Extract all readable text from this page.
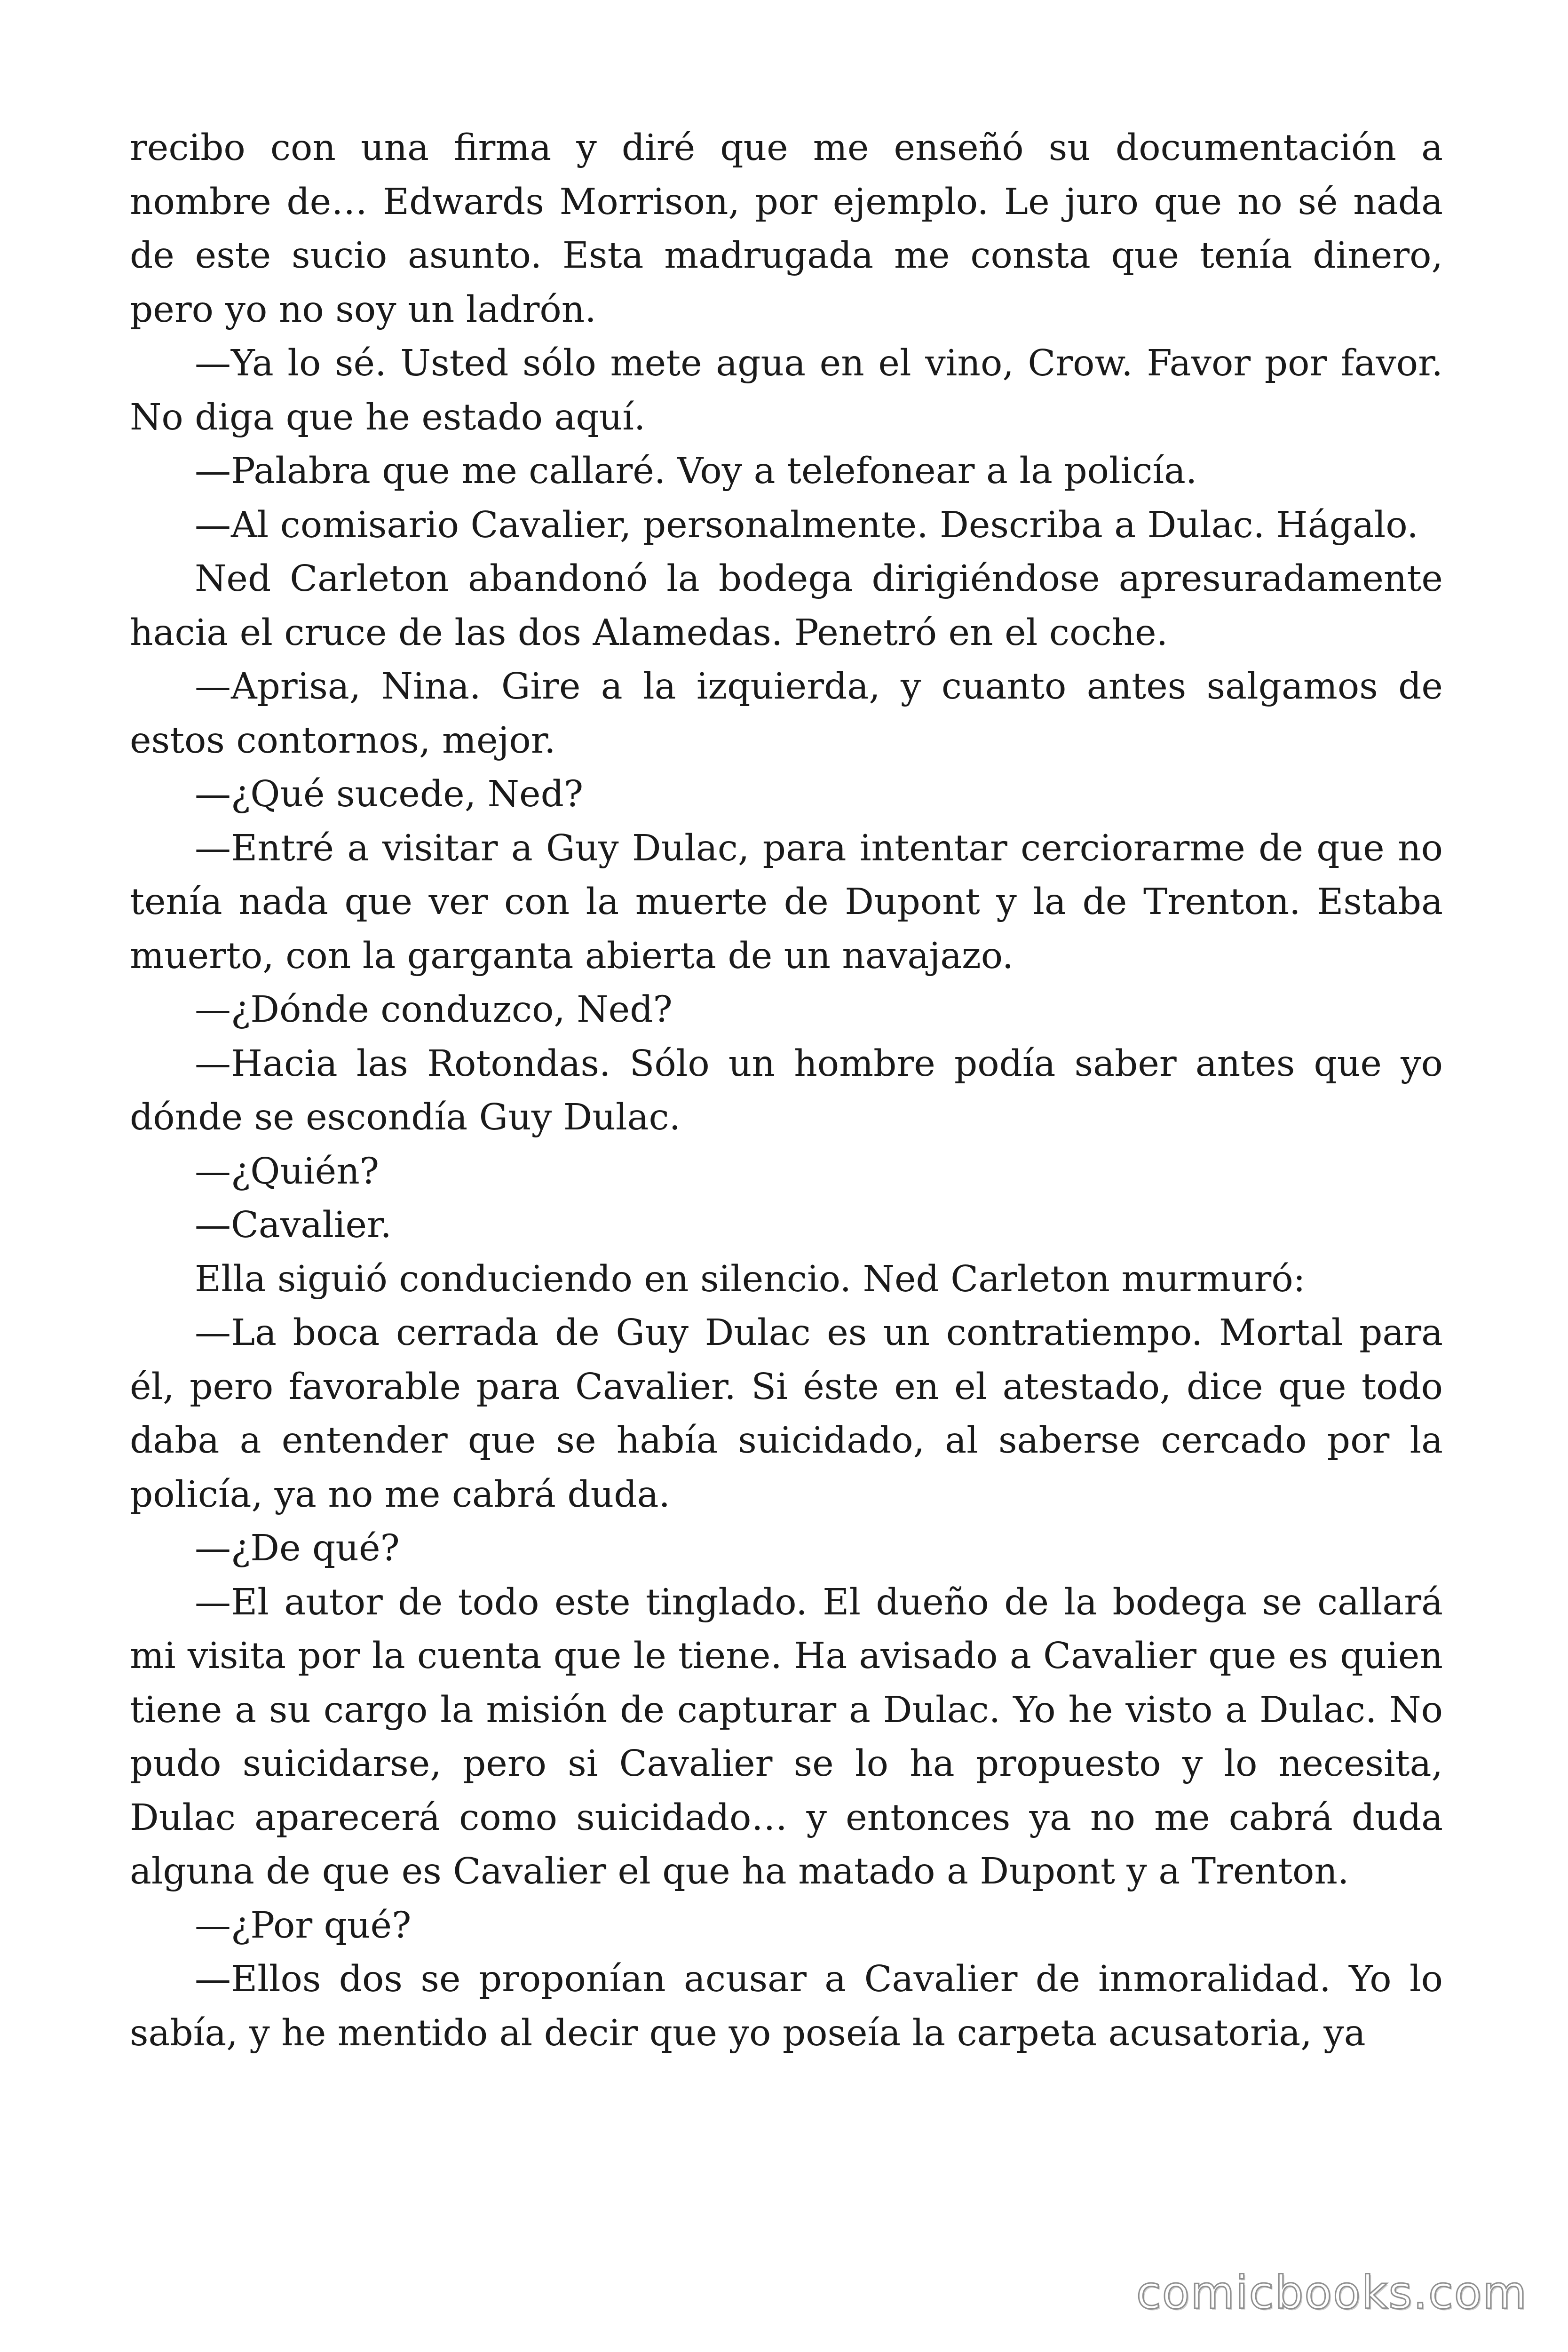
recibo con una firma y diré que me enseñó su documentación a nombre de… Edwards Morrison, por ejemplo. Le juro que no sé nada de este sucio asunto. Esta madrugada me consta que tenía dinero, pero yo no soy un ladrón.

—Ya lo sé. Usted sólo mete agua en el vino, Crow. Favor por favor. No diga que he estado aquí.

—Palabra que me callaré. Voy a telefonear a la policía.

—Al comisario Cavalier, personalmente. Describa a Dulac. Hágalo.

Ned Carleton abandonó la bodega dirigiéndose apresuradamente hacia el cruce de las dos Alamedas. Penetró en el coche.

—Aprisa, Nina. Gire a la izquierda, y cuanto antes salgamos de estos contornos, mejor.

—¿Qué sucede, Ned?

—Entré a visitar a Guy Dulac, para intentar cerciorarme de que no tenía nada que ver con la muerte de Dupont y la de Trenton. Estaba muerto, con la garganta abierta de un navajazo.

—¿Dónde conduzco, Ned?

—Hacia las Rotondas. Sólo un hombre podía saber antes que yo dónde se escondía Guy Dulac.

—¿Quién?

—Cavalier.

Ella siguió conduciendo en silencio. Ned Carleton murmuró:

—La boca cerrada de Guy Dulac es un contratiempo. Mortal para él, pero favorable para Cavalier. Si éste en el atestado, dice que todo daba a entender que se había suicidado, al saberse cercado por la policía, ya no me cabrá duda.

—¿De qué?

—El autor de todo este tinglado. El dueño de la bodega se callará mi visita por la cuenta que le tiene. Ha avisado a Cavalier que es quien tiene a su cargo la misión de capturar a Dulac. Yo he visto a Dulac. No pudo suicidarse, pero si Cavalier se lo ha propuesto y lo necesita, Dulac aparecerá como suicidado… y entonces ya no me cabrá duda alguna de que es Cavalier el que ha matado a Dupont y a Trenton.

—¿Por qué?

—Ellos dos se proponían acusar a Cavalier de inmoralidad. Yo lo sabía, y he mentido al decir que yo poseía la carpeta acusatoria, ya

comicbooks.com
